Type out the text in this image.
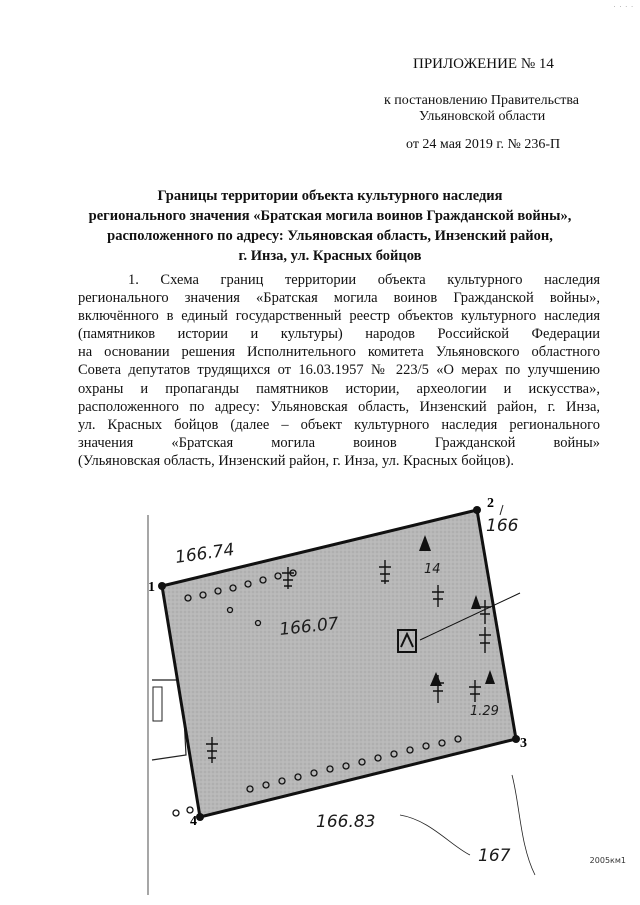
· · · ·
ПРИЛОЖЕНИЕ № 14
к постановлению Правительства
Ульяновской области
от 24 мая 2019 г. № 236-П
Границы территории объекта культурного наследия
регионального значения «Братская могила воинов Гражданской войны»,
расположенного по адресу: Ульяновская область, Инзенский район,
г. Инза, ул. Красных бойцов
1. Схема границ территории объекта культурного наследия
регионального значения «Братская могила воинов Гражданской войны»,
включённого в единый государственный реестр объектов культурного наследия
(памятников истории и культуры) народов Российской Федерации
на основании решения Исполнительного комитета Ульяновского областного
Совета депутатов трудящихся от 16.03.1957 № 223/5 «О мерах по улучшению
охраны и пропаганды памятников истории, археологии и искусства»,
расположенного по адресу: Ульяновская область, Инзенский район, г. Инза,
ул. Красных бойцов (далее – объект культурного наследия регионального
значения «Братская могила воинов Гражданской войны»
(Ульяновская область, Инзенский район, г. Инза, ул. Красных бойцов).
1
2
3
4
166.74
166
166.07
166.83
167
1.29
14
2005км1
